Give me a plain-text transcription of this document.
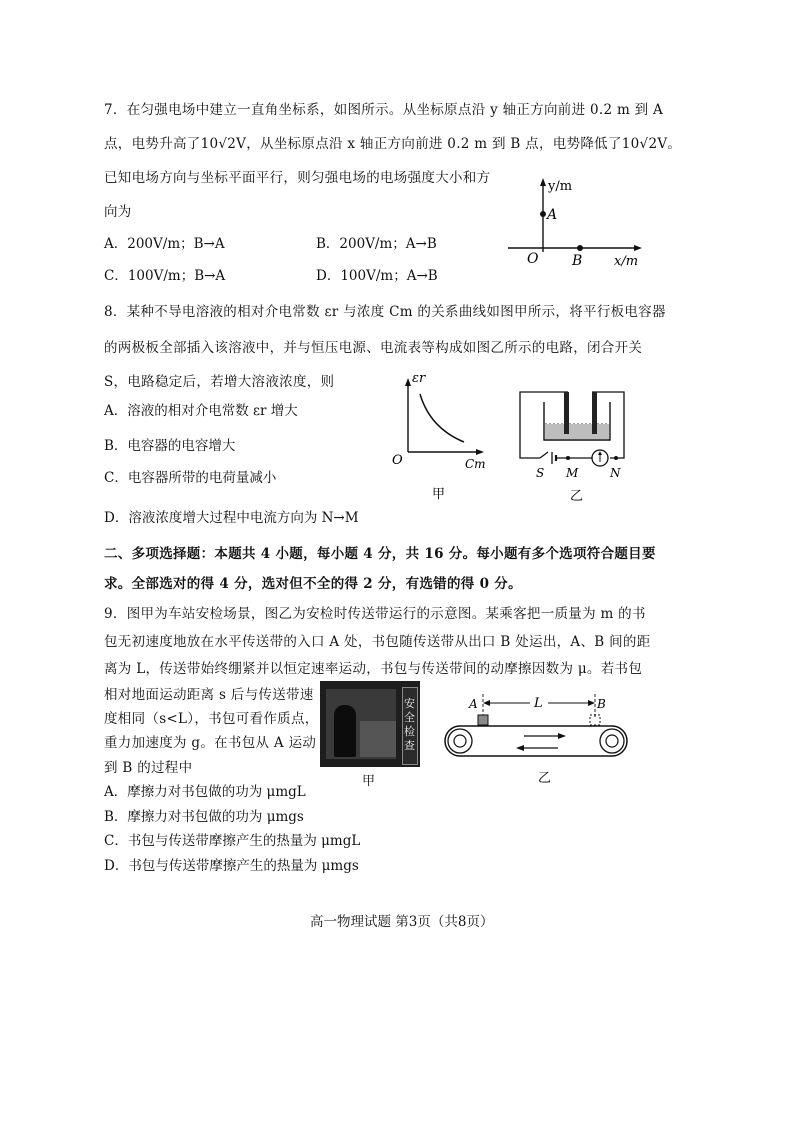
7．在匀强电场中建立一直角坐标系，如图所示。从坐标原点沿 y 轴正方向前进 0.2 m 到 A
点，电势升高了10√2V，从坐标原点沿 x 轴正方向前进 0.2 m 到 B 点，电势降低了10√2V。
已知电场方向与坐标平面平行，则匀强电场的电场强度大小和方
向为
A．200V/m；B→A	B．200V/m；A→B
C．100V/m；B→A	D．100V/m；A→B
y/m
A
O B x/m
8．某种不导电溶液的相对介电常数 εr 与浓度 Cm 的关系曲线如图甲所示，将平行板电容器
的两极板全部插入该溶液中，并与恒压电源、电流表等构成如图乙所示的电路，闭合开关
S，电路稳定后，若增大溶液浓度，则
A．溶液的相对介电常数 εr 增大
B．电容器的电容增大
C．电容器所带的电荷量减小
D．溶液浓度增大过程中电流方向为 N→M
εr
O	Cm
甲
S M	N
乙
二、多项选择题：本题共 4 小题，每小题 4 分，共 16 分。每小题有多个选项符合题目要
求。全部选对的得 4 分，选对但不全的得 2 分，有选错的得 0 分。
9．图甲为车站安检场景，图乙为安检时传送带运行的示意图。某乘客把一质量为 m 的书
包无初速度地放在水平传送带的入口 A 处，书包随传送带从出口 B 处运出，A、B 间的距
离为 L，传送带始终绷紧并以恒定速率运动，书包与传送带间的动摩擦因数为 μ。若书包
相对地面运动距离 s 后与传送带速
度相同（s<L），书包可看作质点，
重力加速度为 g。在书包从 A 运动
到 B 的过程中
A．摩擦力对书包做的功为 μmgL
B．摩擦力对书包做的功为 μmgs
C．书包与传送带摩擦产生的热量为 μmgL
D．书包与传送带摩擦产生的热量为 μmgs
安
全
检
查
甲
A	L	B
乙
高一物理试题 第3页（共8页）
